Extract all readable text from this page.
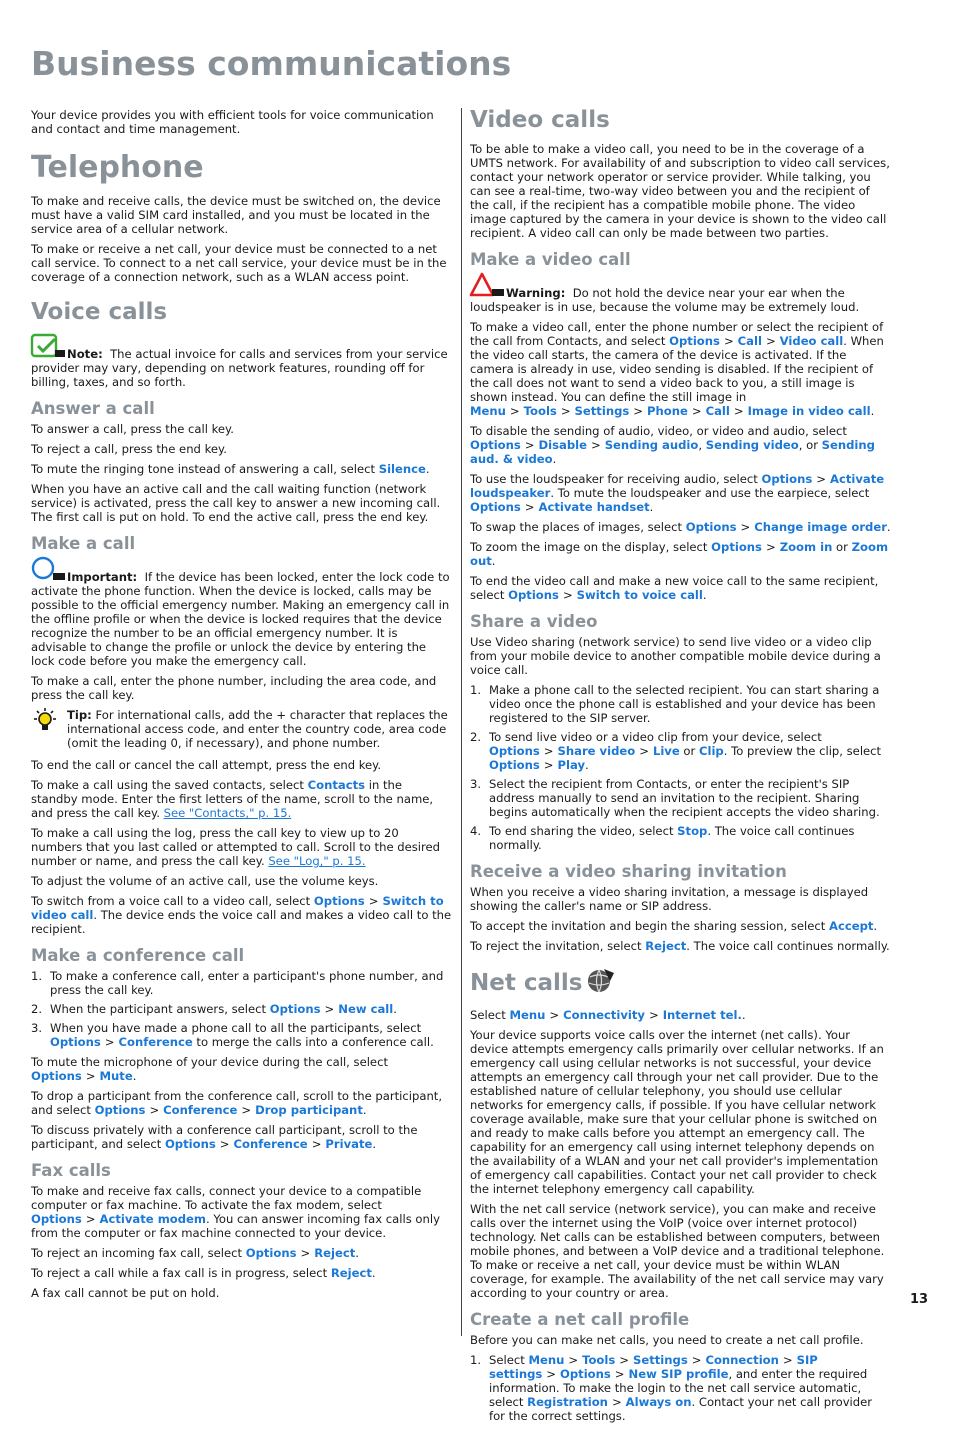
Business communications

Your device provides you with efficient tools for voice communication and contact and time management.

Telephone

To make and receive calls, the device must be switched on, the device must have a valid SIM card installed, and you must be located in the service area of a cellular network.

To make or receive a net call, your device must be connected to a net call service. To connect to a net call service, your device must be in the coverage of a connection network, such as a WLAN access point.

Voice calls
Note: The actual invoice for calls and services from your service provider may vary, depending on network features, rounding off for billing, taxes, and so forth.
Answer a call

To answer a call, press the call key.

To reject a call, press the end key.

To mute the ringing tone instead of answering a call, select Silence.

When you have an active call and the call waiting function (network service) is activated, press the call key to answer a new incoming call. The first call is put on hold. To end the active call, press the end key.

Make a call
Important: If the device has been locked, enter the lock code to activate the phone function. When the device is locked, calls may be possible to the official emergency number. Making an emergency call in the offline profile or when the device is locked requires that the device recognize the number to be an official emergency number. It is advisable to change the profile or unlock the device by entering the lock code before you make the emergency call.

To make a call, enter the phone number, including the area code, and press the call key.

Tip: For international calls, add the + character that replaces the international access code, and enter the country code, area code (omit the leading 0, if necessary), and phone number.

To end the call or cancel the call attempt, press the end key.

To make a call using the saved contacts, select Contacts in the standby mode. Enter the first letters of the name, scroll to the name, and press the call key. See "Contacts," p. 15.

To make a call using the log, press the call key to view up to 20 numbers that you last called or attempted to call. Scroll to the desired number or name, and press the call key. See "Log," p. 15.

To adjust the volume of an active call, use the volume keys.

To switch from a voice call to a video call, select Options > Switch to video call. The device ends the voice call and makes a video call to the recipient.

Make a conference call
1. To make a conference call, enter a participant's phone number, and press the call key.
2. When the participant answers, select Options > New call.
3. When you have made a phone call to all the participants, select Options > Conference to merge the calls into a conference call.

To mute the microphone of your device during the call, select Options > Mute.

To drop a participant from the conference call, scroll to the participant, and select Options > Conference > Drop participant.

To discuss privately with a conference call participant, scroll to the participant, and select Options > Conference > Private.

Fax calls

To make and receive fax calls, connect your device to a compatible computer or fax machine. To activate the fax modem, select Options > Activate modem. You can answer incoming fax calls only from the computer or fax machine connected to your device.

To reject an incoming fax call, select Options > Reject.

To reject a call while a fax call is in progress, select Reject.

A fax call cannot be put on hold.

Video calls

To be able to make a video call, you need to be in the coverage of a UMTS network. For availability of and subscription to video call services, contact your network operator or service provider. While talking, you can see a real-time, two-way video between you and the recipient of the call, if the recipient has a compatible mobile phone. The video image captured by the camera in your device is shown to the video call recipient. A video call can only be made between two parties.

Make a video call
Warning: Do not hold the device near your ear when the loudspeaker is in use, because the volume may be extremely loud.

To make a video call, enter the phone number or select the recipient of the call from Contacts, and select Options > Call > Video call. When the video call starts, the camera of the device is activated. If the camera is already in use, video sending is disabled. If the recipient of the call does not want to send a video back to you, a still image is shown instead. You can define the still image in Menu > Tools > Settings > Phone > Call > Image in video call.

To disable the sending of audio, video, or video and audio, select Options > Disable > Sending audio, Sending video, or Sending aud. & video.

To use the loudspeaker for receiving audio, select Options > Activate loudspeaker. To mute the loudspeaker and use the earpiece, select Options > Activate handset.

To swap the places of images, select Options > Change image order.

To zoom the image on the display, select Options > Zoom in or Zoom out.

To end the video call and make a new voice call to the same recipient, select Options > Switch to voice call.

Share a video

Use Video sharing (network service) to send live video or a video clip from your mobile device to another compatible mobile device during a voice call.

1. Make a phone call to the selected recipient. You can start sharing a video once the phone call is established and your device has been registered to the SIP server.
2. To send live video or a video clip from your device, select Options > Share video > Live or Clip. To preview the clip, select Options > Play.
3. Select the recipient from Contacts, or enter the recipient's SIP address manually to send an invitation to the recipient. Sharing begins automatically when the recipient accepts the video sharing.
4. To end sharing the video, select Stop. The voice call continues normally.
Receive a video sharing invitation

When you receive a video sharing invitation, a message is displayed showing the caller's name or SIP address.

To accept the invitation and begin the sharing session, select Accept.

To reject the invitation, select Reject. The voice call continues normally.

Net calls

Select Menu > Connectivity > Internet tel..

Your device supports voice calls over the internet (net calls). Your device attempts emergency calls primarily over cellular networks. If an emergency call using cellular networks is not successful, your device attempts an emergency call through your net call provider. Due to the established nature of cellular telephony, you should use cellular networks for emergency calls, if possible. If you have cellular network coverage available, make sure that your cellular phone is switched on and ready to make calls before you attempt an emergency call. The capability for an emergency call using internet telephony depends on the availability of a WLAN and your net call provider's implementation of emergency call capabilities. Contact your net call provider to check the internet telephony emergency call capability.

With the net call service (network service), you can make and receive calls over the internet using the VoIP (voice over internet protocol) technology. Net calls can be established between computers, between mobile phones, and between a VoIP device and a traditional telephone. To make or receive a net call, your device must be within WLAN coverage, for example. The availability of the net call service may vary according to your country or area.

Create a net call profile

Before you can make net calls, you need to create a net call profile.

1. Select Menu > Tools > Settings > Connection > SIP settings > Options > New SIP profile, and enter the required information. To make the login to the net call service automatic, select Registration > Always on. Contact your net call provider for the correct settings.
13
